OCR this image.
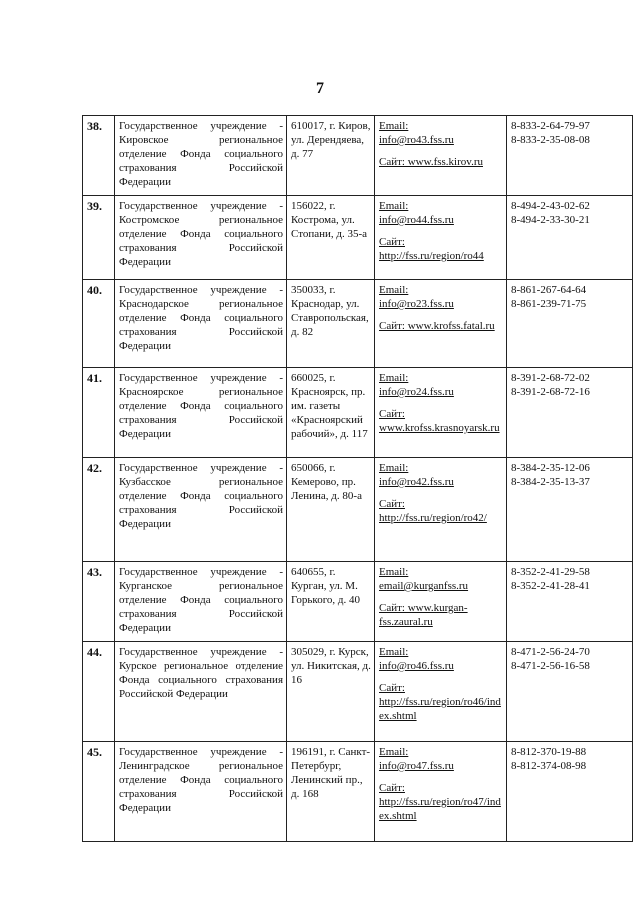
7
38.	Государственное учреждение - Кировское региональное отделение Фонда социального страхования Российской Федерации	610017, г. Киров, ул. Дерендяева, д. 77	Email:
info@ro43.fss.ru
Сайт: www.fss.kirov.ru	8-833-2-64-79-97
8-833-2-35-08-08

39.	Государственное учреждение - Костромское региональное отделение Фонда социального страхования Российской Федерации	156022, г. Кострома, ул. Стопани, д. 35-а	Email:
info@ro44.fss.ru
Сайт: http://fss.ru/region/ro44	8-494-2-43-02-62
8-494-2-33-30-21

40.	Государственное учреждение - Краснодарское региональное отделение Фонда социального страхования Российской Федерации	350033, г. Краснодар, ул. Ставропольская, д. 82	Email:
info@ro23.fss.ru
Сайт: www.krofss.fatal.ru	8-861-267-64-64
8-861-239-71-75

41.	Государственное учреждение - Красноярское региональное отделение Фонда социального страхования Российской Федерации	660025, г. Красноярск, пр. им. газеты «Красноярский рабочий», д. 117	Email:
info@ro24.fss.ru
Сайт: www.krofss.krasnoyarsk.ru	8-391-2-68-72-02
8-391-2-68-72-16

42.	Государственное учреждение - Кузбасское региональное отделение Фонда социального страхования Российской Федерации	650066, г. Кемерово, пр. Ленина, д. 80-а	Email:
info@ro42.fss.ru
Сайт: http://fss.ru/region/ro42/	8-384-2-35-12-06
8-384-2-35-13-37

43.	Государственное учреждение - Курганское региональное отделение Фонда социального страхования Российской Федерации	640655, г. Курган, ул. М. Горького, д. 40	Email:
email@kurganfss.ru
Сайт: www.kurgan-fss.zaural.ru	8-352-2-41-29-58
8-352-2-41-28-41

44.	Государственное учреждение - Курское региональное отделение Фонда социального страхования Российской Федерации	305029, г. Курск, ул. Никитская, д. 16	Email:
info@ro46.fss.ru
Сайт: http://fss.ru/region/ro46/index.shtml	8-471-2-56-24-70
8-471-2-56-16-58

45.	Государственное учреждение - Ленинградское региональное отделение Фонда социального страхования Российской Федерации	196191, г. Санкт-Петербург, Ленинский пр., д. 168	Email:
info@ro47.fss.ru
Сайт: http://fss.ru/region/ro47/index.shtml	8-812-370-19-88
8-812-374-08-98
